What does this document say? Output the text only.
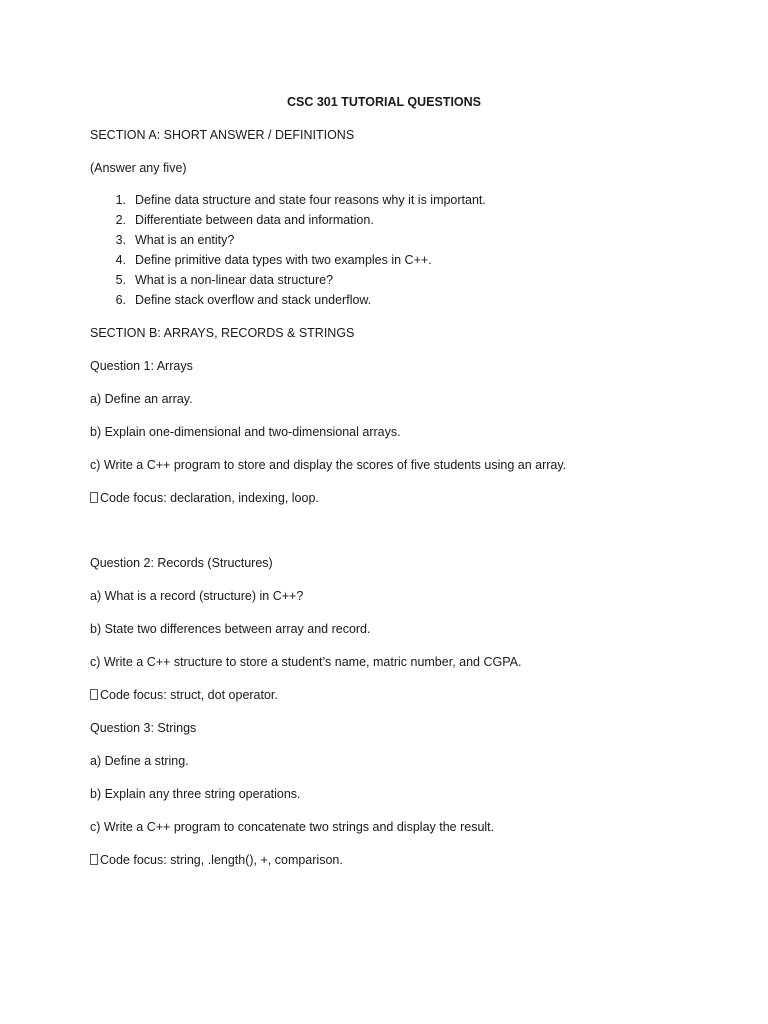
CSC 301 TUTORIAL QUESTIONS
SECTION A: SHORT ANSWER / DEFINITIONS
(Answer any five)
1. Define data structure and state four reasons why it is important.
2. Differentiate between data and information.
3. What is an entity?
4. Define primitive data types with two examples in C++.
5. What is a non-linear data structure?
6. Define stack overflow and stack underflow.
SECTION B: ARRAYS, RECORDS & STRINGS
Question 1: Arrays
a) Define an array.
b) Explain one-dimensional and two-dimensional arrays.
c) Write a C++ program to store and display the scores of five students using an array.
Code focus: declaration, indexing, loop.
Question 2: Records (Structures)
a) What is a record (structure) in C++?
b) State two differences between array and record.
c) Write a C++ structure to store a student’s name, matric number, and CGPA.
Code focus: struct, dot operator.
Question 3: Strings
a) Define a string.
b) Explain any three string operations.
c) Write a C++ program to concatenate two strings and display the result.
Code focus: string, .length(), +, comparison.
